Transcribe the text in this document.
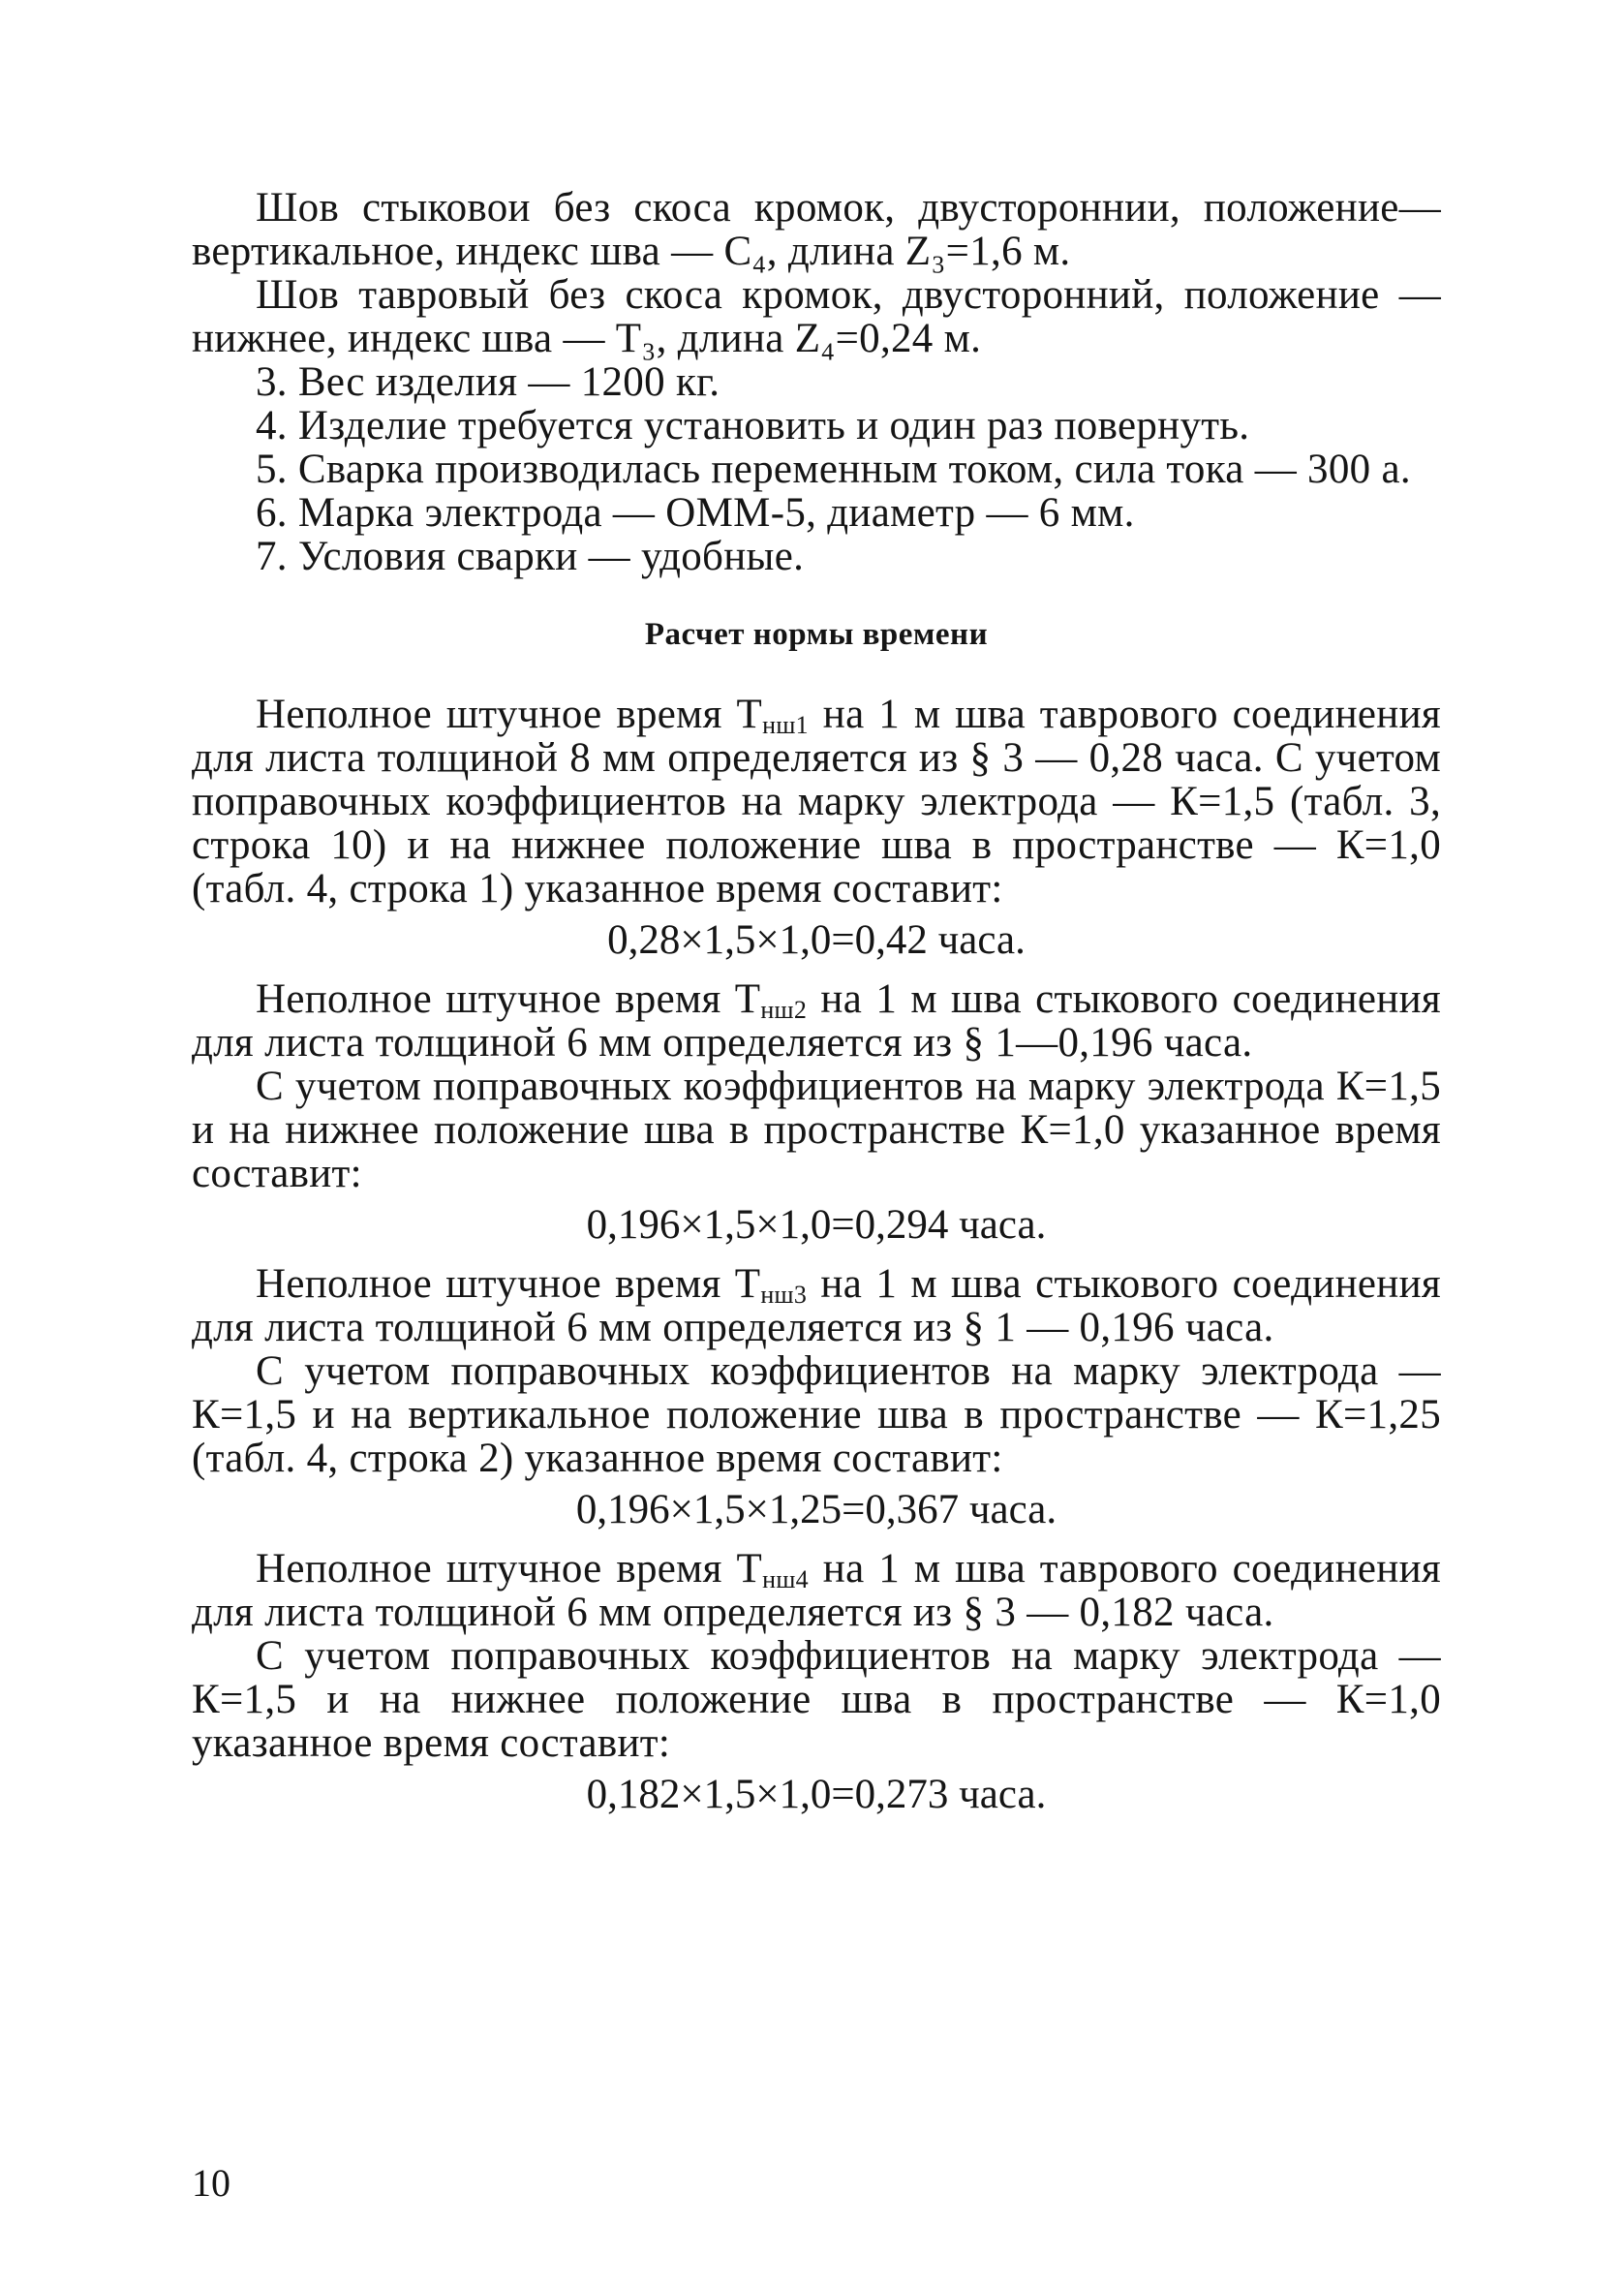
Шов стыковои без скоса кромок, двустороннии, положение— вертикальное, индекс шва — С₄, длина Z₃=1,6 м.

Шов тавровый без скоса кромок, двусторонний, положение — нижнее, индекс шва — Т₃, длина Z₄=0,24 м.

3. Вес изделия — 1200 кг.

4. Изделие требуется установить и один раз повернуть.

5. Сварка производилась переменным током, сила тока — 300 а.

6. Марка электрода — ОММ-5, диаметр — 6 мм.

7. Условия сварки — удобные.

Расчет нормы времени

Неполное штучное время $Т_{нш1}$ на 1 м шва таврового соединения для листа толщиной 8 мм определяется из § 3 — 0,28 часа. С учетом поправочных коэффициентов на марку электрода — К=1,5 (табл. 3, строка 10) и на нижнее положение шва в пространстве — К=1,0 (табл. 4, строка 1) указанное время составит:

0,28×1,5×1,0=0,42 часа.

Неполное штучное время $Т_{нш2}$ на 1 м шва стыкового соединения для листа толщиной 6 мм определяется из § 1—0,196 часа.

С учетом поправочных коэффициентов на марку электрода К=1,5 и на нижнее положение шва в пространстве К=1,0 указанное время составит:

0,196×1,5×1,0=0,294 часа.

Неполное штучное время $Т_{нш3}$ на 1 м шва стыкового соединения для листа толщиной 6 мм определяется из § 1 — 0,196 часа.

С учетом поправочных коэффициентов на марку электрода — К=1,5 и на вертикальное положение шва в пространстве — К=1,25 (табл. 4, строка 2) указанное время составит:

0,196×1,5×1,25=0,367 часа.

Неполное штучное время $Т_{нш4}$ на 1 м шва таврового соединения для листа толщиной 6 мм определяется из § 3 — 0,182 часа.

С учетом поправочных коэффициентов на марку электрода — К=1,5 и на нижнее положение шва в пространстве — К=1,0 указанное время составит:

0,182×1,5×1,0=0,273 часа.
10
